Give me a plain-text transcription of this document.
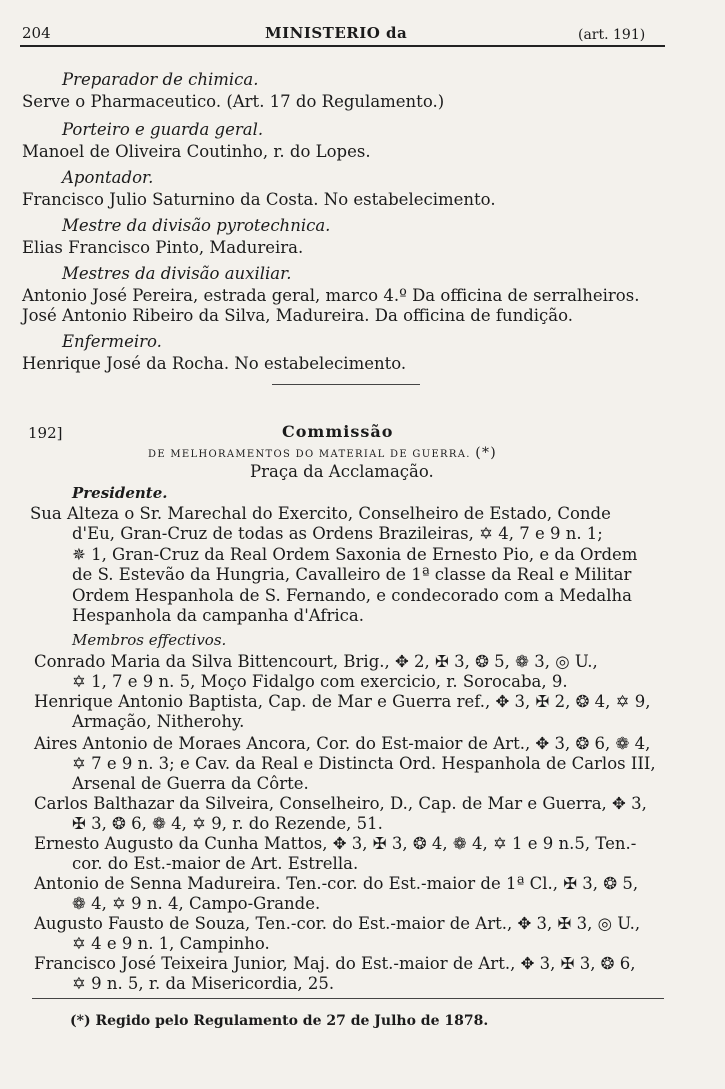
204	MINISTERIO da	(art. 191)
Preparador de chimica.
Serve o Pharmaceutico. (Art. 17 do Regulamento.)
Porteiro e guarda geral.
Manoel de Oliveira Coutinho, r. do Lopes.
Apontador.
Francisco Julio Saturnino da Costa. No estabelecimento.
Mestre da divisão pyrotechnica.
Elias Francisco Pinto, Madureira.
Mestres da divisão auxiliar.
Antonio José Pereira, estrada geral, marco 4.º Da officina de serralheiros.
José Antonio Ribeiro da Silva, Madureira. Da officina de fundição.
Enfermeiro.
Henrique José da Rocha. No estabelecimento.
192]	Commissão
DE MELHORAMENTOS DO MATERIAL DE GUERRA. (*)
Praça da Acclamação.
Presidente.
Sua Alteza o Sr. Marechal do Exercito, Conselheiro de Estado, Conde
d'Eu, Gran-Cruz de todas as Ordens Brazileiras, ✡ 4, 7 e 9 n. 1;
✵ 1, Gran-Cruz da Real Ordem Saxonia de Ernesto Pio, e da Ordem
de S. Estevão da Hungria, Cavalleiro de 1ª classe da Real e Militar
Ordem Hespanhola de S. Fernando, e condecorado com a Medalha
Hespanhola da campanha d'Africa.
Membros effectivos.
Conrado Maria da Silva Bittencourt, Brig., ✥ 2, ✠ 3, ❂ 5, ❁ 3, ◎ U.,
✡ 1, 7 e 9 n. 5, Moço Fidalgo com exercicio, r. Sorocaba, 9.
Henrique Antonio Baptista, Cap. de Mar e Guerra ref., ✥ 3, ✠ 2, ❂ 4, ✡ 9,
Armação, Nitherohy.
Aires Antonio de Moraes Ancora, Cor. do Est-maior de Art., ✥ 3, ❂ 6, ❁ 4,
✡ 7 e 9 n. 3; e Cav. da Real e Distincta Ord. Hespanhola de Carlos III,
Arsenal de Guerra da Côrte.
Carlos Balthazar da Silveira, Conselheiro, D., Cap. de Mar e Guerra, ✥ 3,
✠ 3, ❂ 6, ❁ 4, ✡ 9, r. do Rezende, 51.
Ernesto Augusto da Cunha Mattos, ✥ 3, ✠ 3, ❂ 4, ❁ 4, ✡ 1 e 9 n.5, Ten.-
cor. do Est.-maior de Art. Estrella.
Antonio de Senna Madureira. Ten.-cor. do Est.-maior de 1ª Cl., ✠ 3, ❂ 5,
❁ 4, ✡ 9 n. 4, Campo-Grande.
Augusto Fausto de Souza, Ten.-cor. do Est.-maior de Art., ✥ 3, ✠ 3, ◎ U.,
✡ 4 e 9 n. 1, Campinho.
Francisco José Teixeira Junior, Maj. do Est.-maior de Art., ✥ 3, ✠ 3, ❂ 6,
✡ 9 n. 5, r. da Misericordia, 25.
(*) Regido pelo Regulamento de 27 de Julho de 1878.
